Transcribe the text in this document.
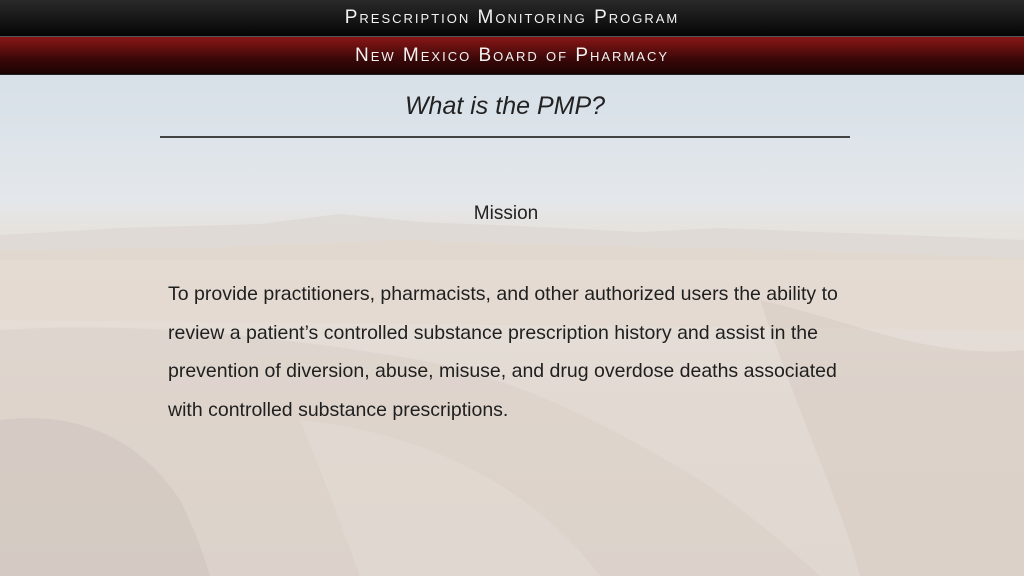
Prescription Monitoring Program
New Mexico Board of Pharmacy
What is the PMP?
Mission
To provide practitioners, pharmacists, and other authorized users the ability to review a patient’s controlled substance prescription history and assist in the prevention of diversion, abuse, misuse, and drug overdose deaths associated with controlled substance prescriptions.
